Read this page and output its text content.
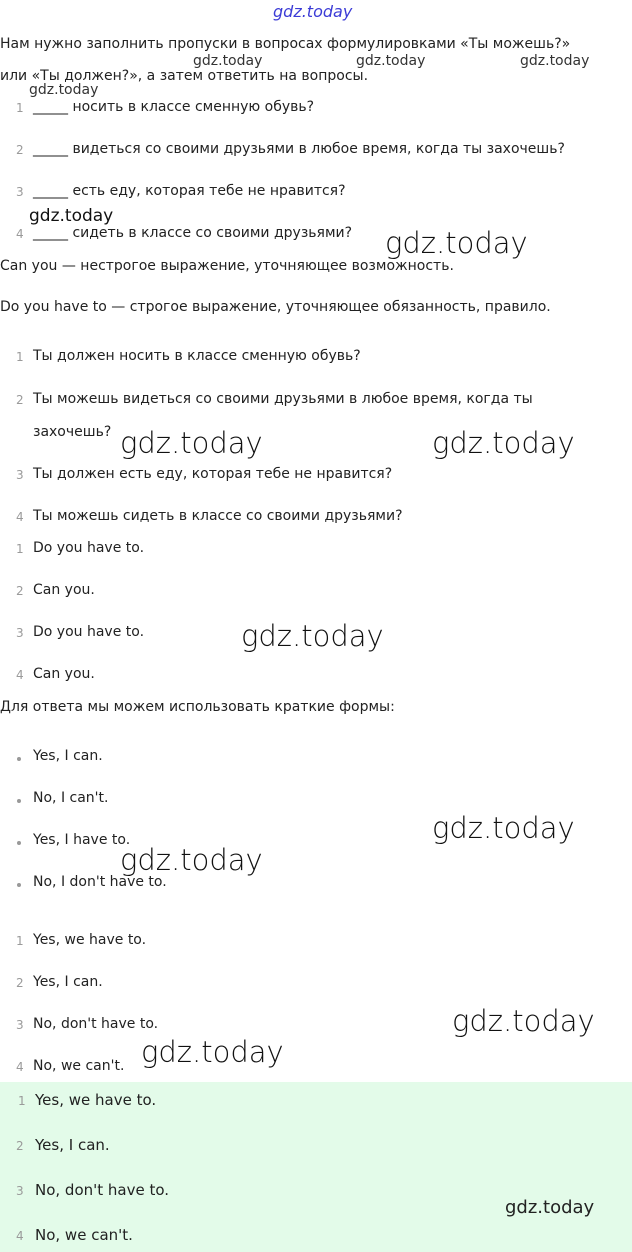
gdz.today
gdz.today	gdz.today	gdz.today
gdz.today
gdz.today
gdz.today
gdz.today	gdz.today
gdz.today
gdz.today
gdz.today
gdz.today
gdz.today
Нам нужно заполнить пропуски в вопросах формулировками «Ты можешь?»
или «Ты должен?», а затем ответить на вопросы.
1 _____ носить в классе сменную обувь?
2 _____ видеться со своими друзьями в любое время, когда ты захочешь?
3 _____ есть еду, которая тебе не нравится?
4 _____ сидеть в классе со своими друзьями?
Can you — нестрогое выражение, уточняющее возможность.
Do you have to — строгое выражение, уточняющее обязанность, правило.
1 Ты должен носить в классе сменную обувь?
2 Ты можешь видеться со своими друзьями в любое время, когда ты
захочешь?
3 Ты должен есть еду, которая тебе не нравится?
4 Ты можешь сидеть в классе со своими друзьями?
1 Do you have to.
2 Can you.
3 Do you have to.
4 Can you.
Для ответа мы можем использовать краткие формы:
Yes, I can.
No, I can't.
Yes, I have to.
No, I don't have to.
1 Yes, we have to.
2 Yes, I can.
3 No, don't have to.
4 No, we can't.
1 Yes, we have to.
2 Yes, I can.
3 No, don't have to.
4 No, we can't.
gdz.today
